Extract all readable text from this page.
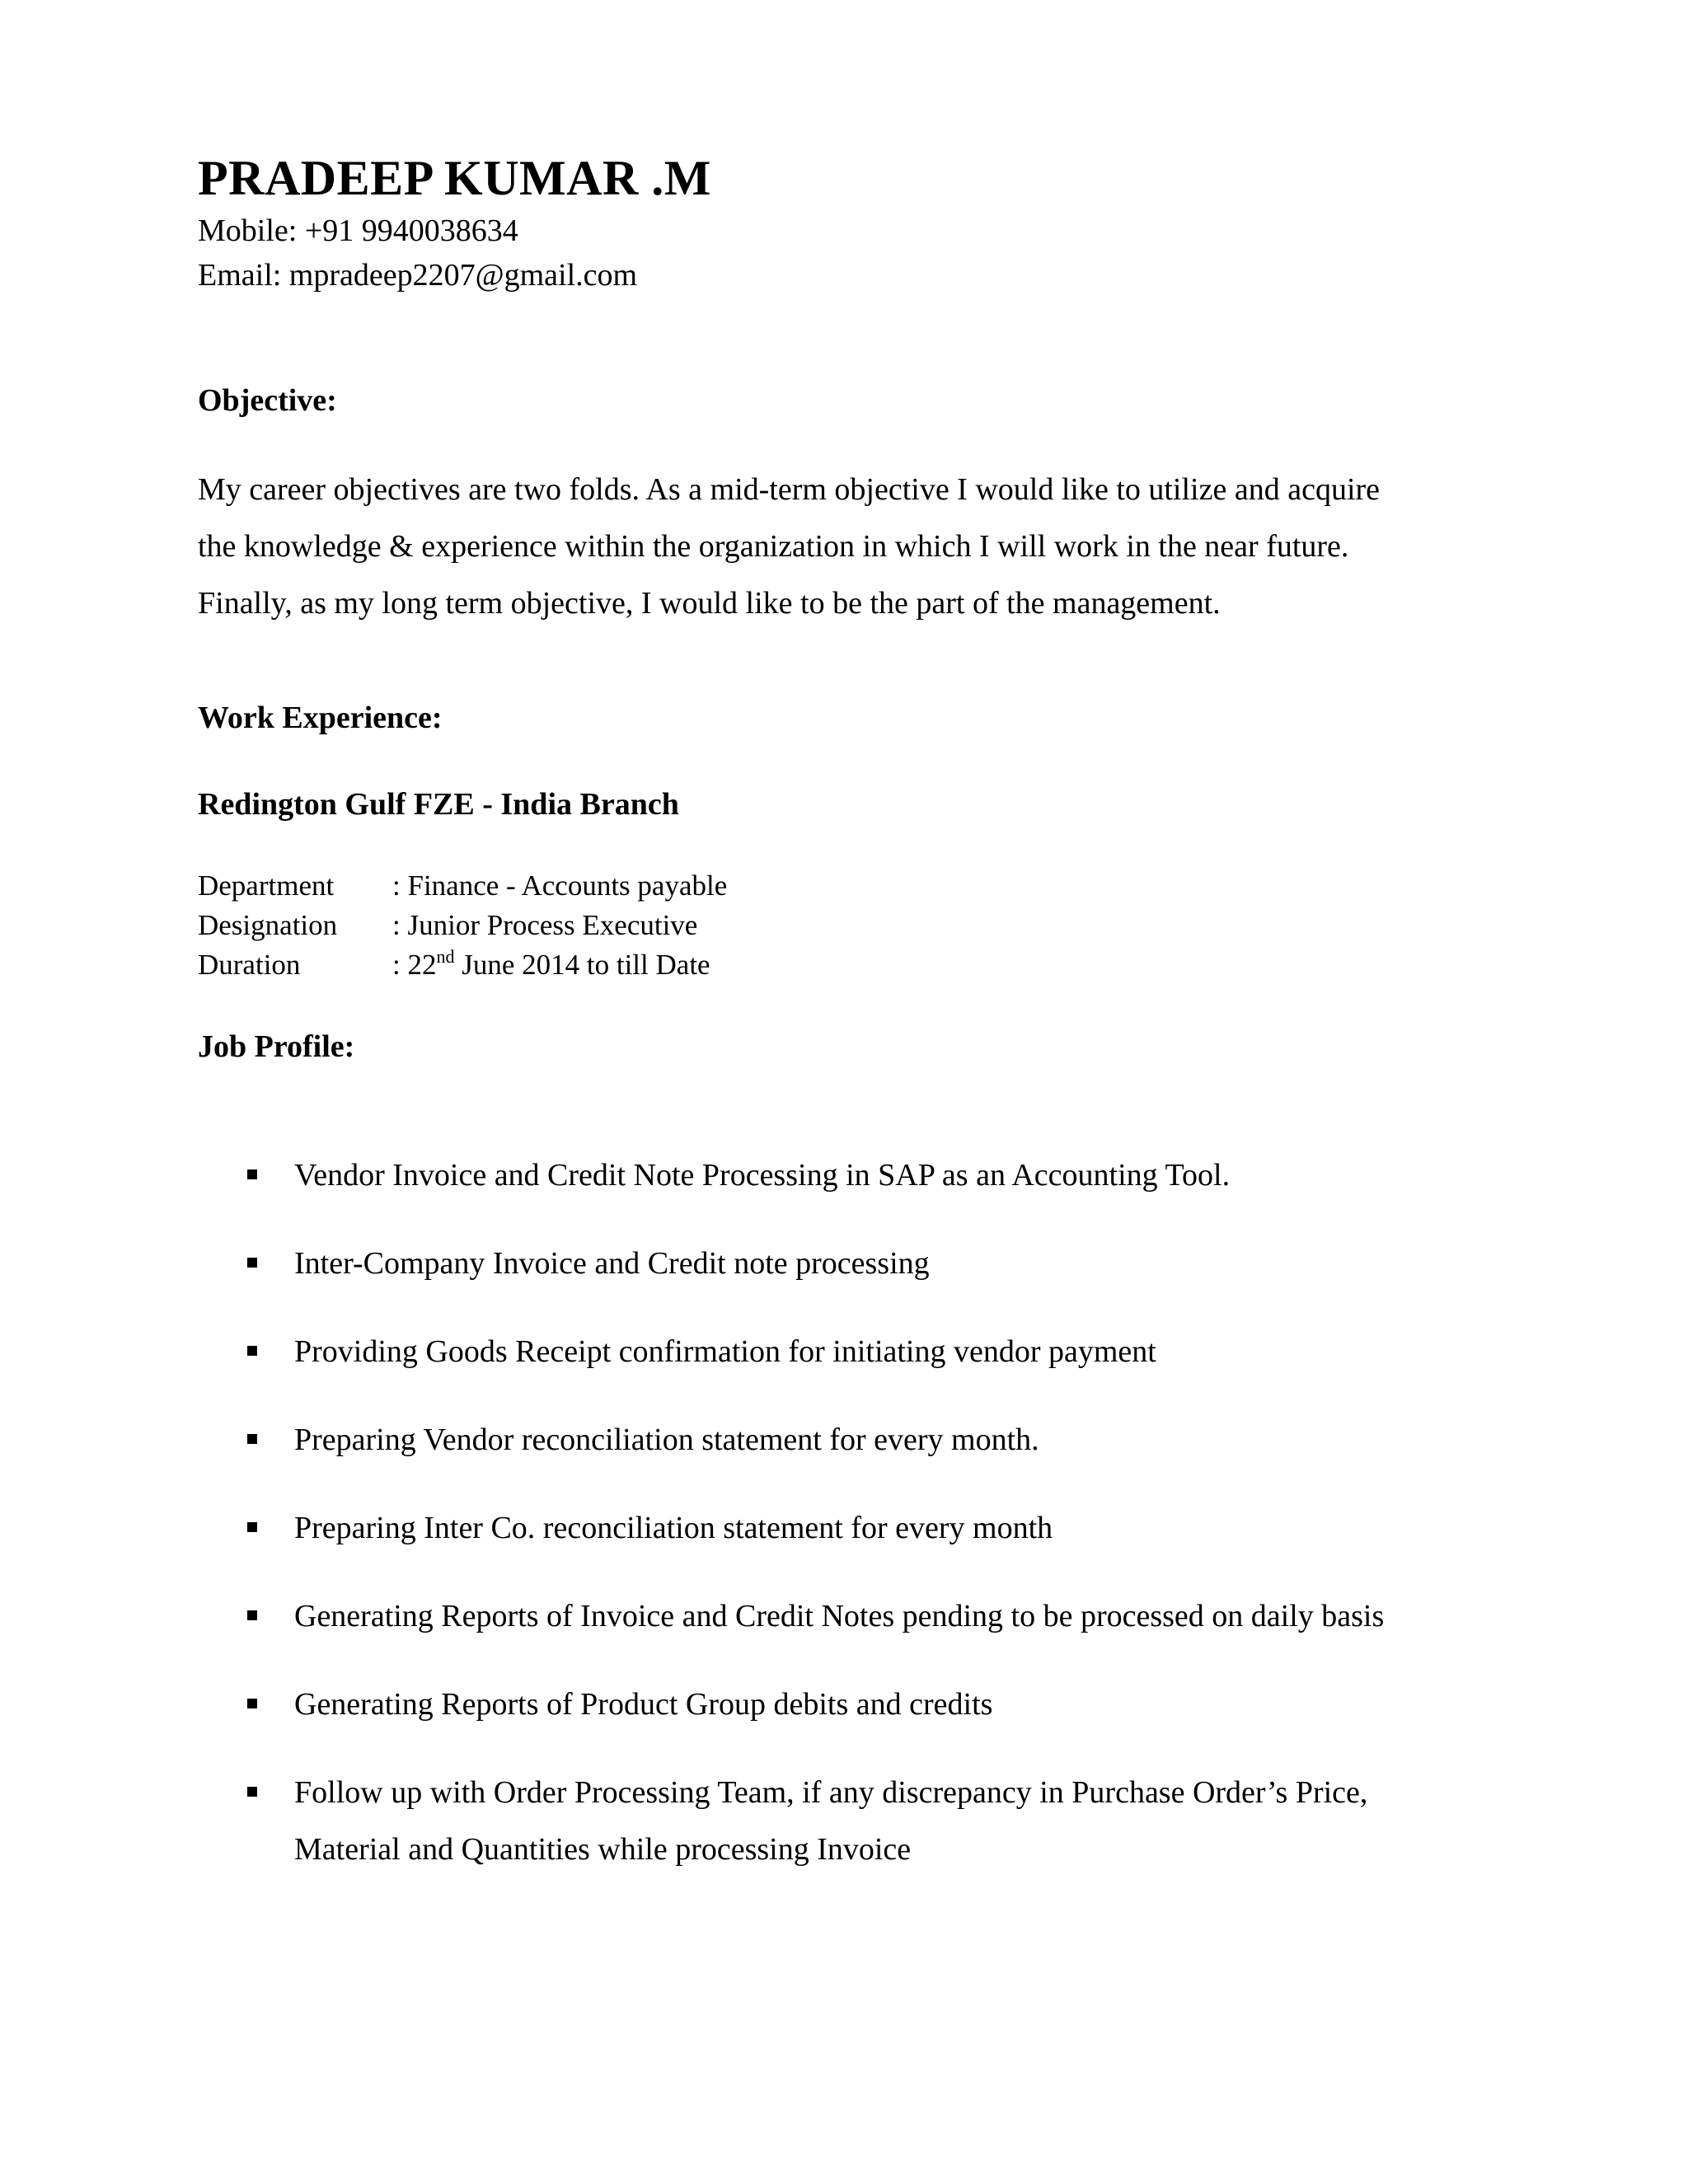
PRADEEP KUMAR .M

Mobile: +91 9940038634

Email: mpradeep2207@gmail.com

Objective:
My career objectives are two folds. As a mid-term objective I would like to utilize and acquire
the knowledge & experience within the organization in which I will work in the near future.
Finally, as my long term objective, I would like to be the part of the management.
Work Experience:
Redington Gulf FZE - India Branch
Department : Finance - Accounts payable
Designation : Junior Process Executive
Duration	: 22nd June 2014 to till Date
Job Profile:
Vendor Invoice and Credit Note Processing in SAP as an Accounting Tool.
Inter-Company Invoice and Credit note processing
Providing Goods Receipt confirmation for initiating vendor payment
Preparing Vendor reconciliation statement for every month.
Preparing Inter Co. reconciliation statement for every month
Generating Reports of Invoice and Credit Notes pending to be processed on daily basis
Generating Reports of Product Group debits and credits
Follow up with Order Processing Team, if any discrepancy in Purchase Order’s Price,
Material and Quantities while processing Invoice
